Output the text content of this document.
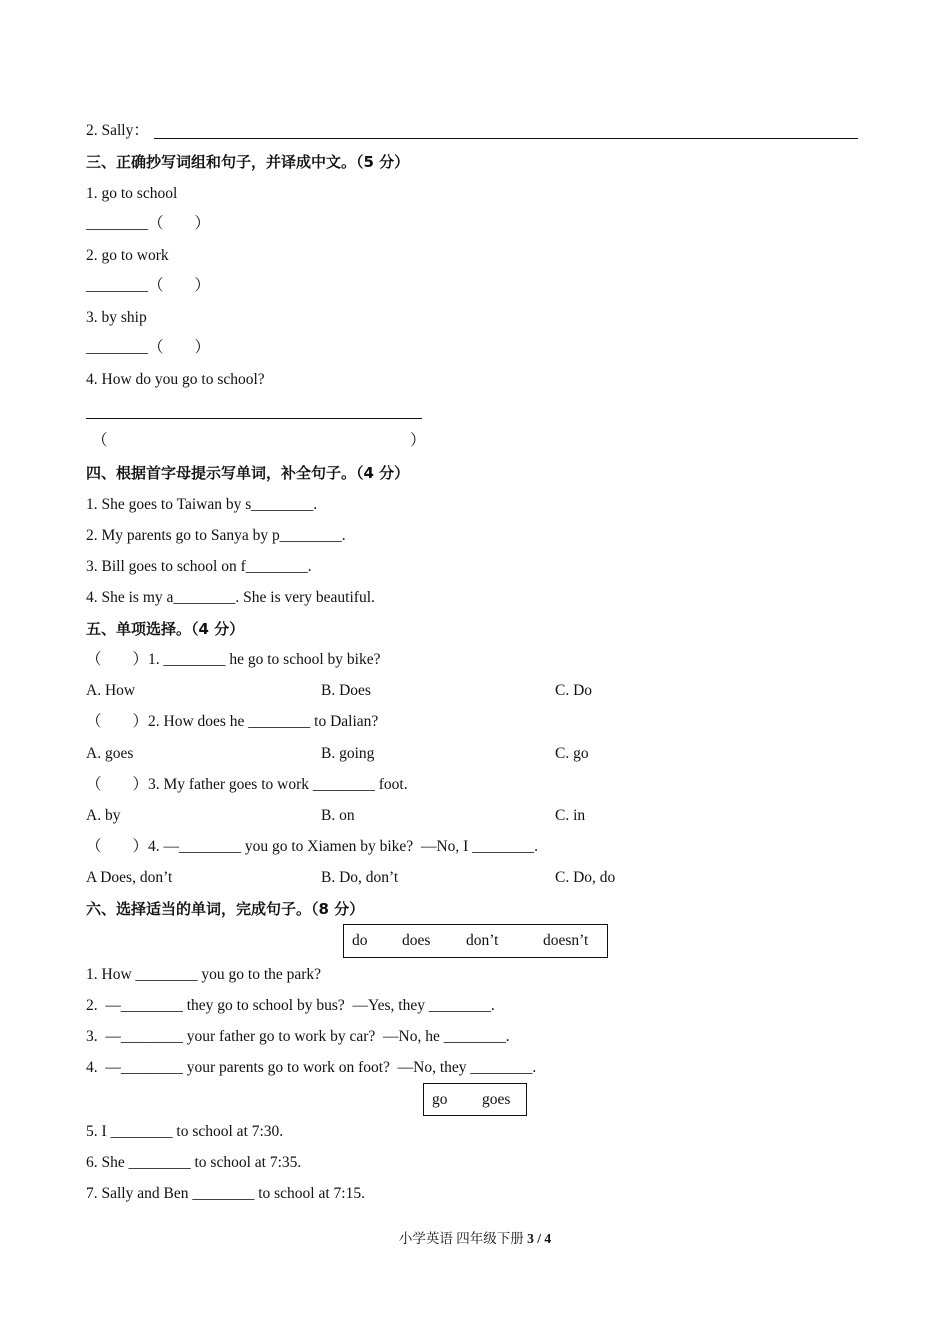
2. Sally：
三、正确抄写词组和句子，并译成中文。（5 分）
1. go to school
________（        ）
2. go to work
________（        ）
3. by ship
________（        ）
4. How do you go to school?
（	）
四、根据首字母提示写单词，补全句子。（4 分）
1. She goes to Taiwan by s________.
2. My parents go to Sanya by p________.
3. Bill goes to school on f________.
4. She is my a________. She is very beautiful.
五、单项选择。（4 分）
（        ）1. ________ he go to school by bike?
A. How	B. Does	C. Do
（        ）2. How does he ________ to Dalian?
A. goes	B. going	C. go
（        ）3. My father goes to work ________ foot.
A. by	B. on	C. in
（        ）4. —________ you go to Xiamen by bike?  —No, I ________.
A Does, don’t	B. Do, don’t	C. Do, do
六、选择适当的单词，完成句子。（8 分）
do does don’t	doesn’t
1. How ________ you go to the park?
2.  —________ they go to school by bus?  —Yes, they ________.
3.  —________ your father go to work by car?  —No, he ________.
4.  —________ your parents go to work on foot?  —No, they ________.
go goes
5. I ________ to school at 7:30.
6. She ________ to school at 7:35.
7. Sally and Ben ________ to school at 7:15.
小学英语 四年级下册 3 / 4
